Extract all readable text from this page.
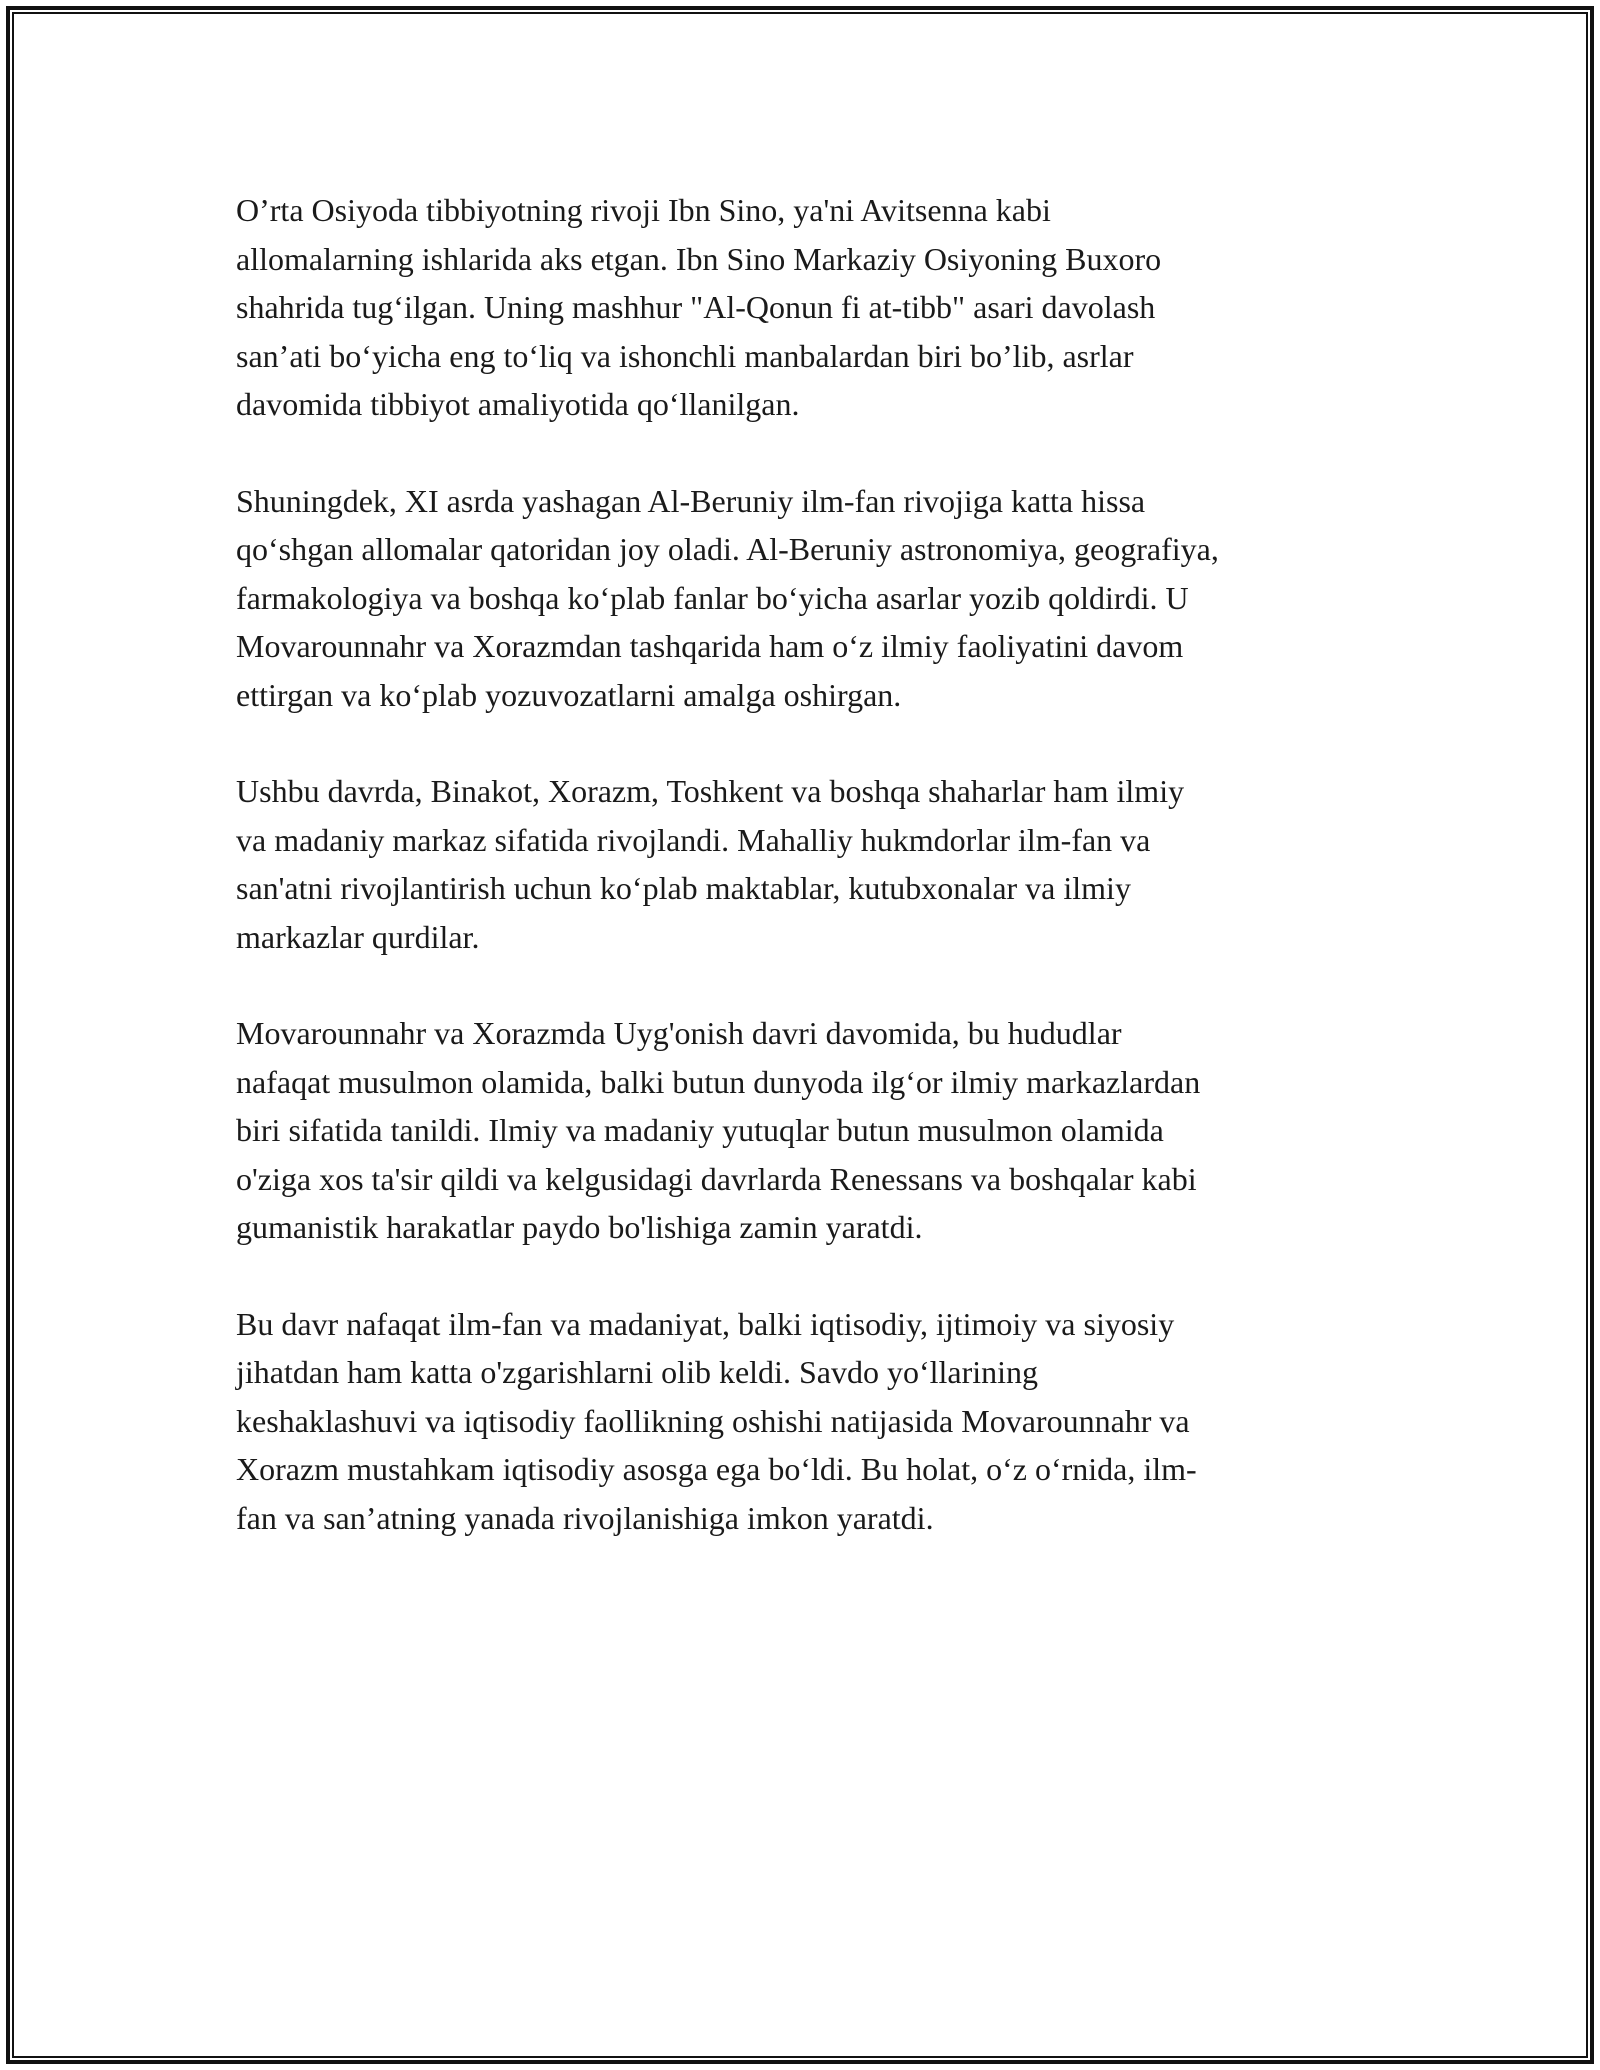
O’rta Osiyoda tibbiyotning rivoji Ibn Sino, ya'ni Avitsenna kabi
allomalarning ishlarida aks etgan. Ibn Sino Markaziy Osiyoning Buxoro
shahrida tug‘ilgan. Uning mashhur "Al-Qonun fi at-tibb" asari davolash
san’ati bo‘yicha eng to‘liq va ishonchli manbalardan biri bo’lib, asrlar
davomida tibbiyot amaliyotida qo‘llanilgan.

Shuningdek, XI asrda yashagan Al-Beruniy ilm-fan rivojiga katta hissa
qo‘shgan allomalar qatoridan joy oladi. Al-Beruniy astronomiya, geografiya,
farmakologiya va boshqa ko‘plab fanlar bo‘yicha asarlar yozib qoldirdi. U
Movarounnahr va Xorazmdan tashqarida ham o‘z ilmiy faoliyatini davom
ettirgan va ko‘plab yozuvozatlarni amalga oshirgan.

Ushbu davrda, Binakot, Xorazm, Toshkent va boshqa shaharlar ham ilmiy
va madaniy markaz sifatida rivojlandi. Mahalliy hukmdorlar ilm-fan va
san'atni rivojlantirish uchun ko‘plab maktablar, kutubxonalar va ilmiy
markazlar qurdilar.

Movarounnahr va Xorazmda Uyg'onish davri davomida, bu hududlar
nafaqat musulmon olamida, balki butun dunyoda ilg‘or ilmiy markazlardan
biri sifatida tanildi. Ilmiy va madaniy yutuqlar butun musulmon olamida
o'ziga xos ta'sir qildi va kelgusidagi davrlarda Renessans va boshqalar kabi
gumanistik harakatlar paydo bo'lishiga zamin yaratdi.

Bu davr nafaqat ilm-fan va madaniyat, balki iqtisodiy, ijtimoiy va siyosiy
jihatdan ham katta o'zgarishlarni olib keldi. Savdo yo‘llarining
keshaklashuvi va iqtisodiy faollikning oshishi natijasida Movarounnahr va
Xorazm mustahkam iqtisodiy asosga ega bo‘ldi. Bu holat, o‘z o‘rnida, ilm-
fan va san’atning yanada rivojlanishiga imkon yaratdi.
